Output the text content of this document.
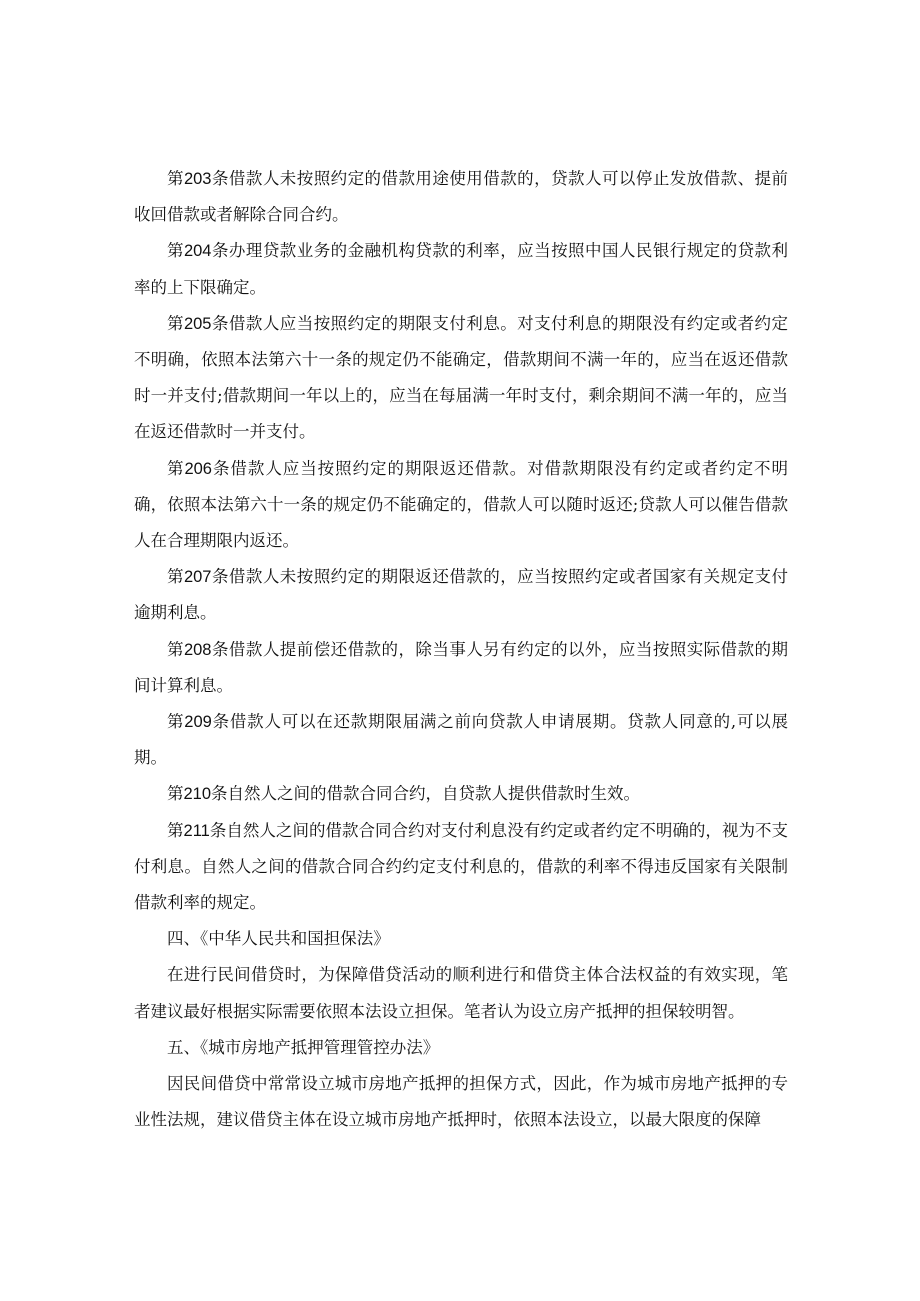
第203条借款人未按照约定的借款用途使用借款的，贷款人可以停止发放借款、提前收回借款或者解除合同合约。

第204条办理贷款业务的金融机构贷款的利率，应当按照中国人民银行规定的贷款利率的上下限确定。

第205条借款人应当按照约定的期限支付利息。对支付利息的期限没有约定或者约定不明确，依照本法第六十一条的规定仍不能确定，借款期间不满一年的，应当在返还借款时一并支付;借款期间一年以上的，应当在每届满一年时支付，剩余期间不满一年的，应当在返还借款时一并支付。

第206条借款人应当按照约定的期限返还借款。对借款期限没有约定或者约定不明确，依照本法第六十一条的规定仍不能确定的，借款人可以随时返还;贷款人可以催告借款人在合理期限内返还。

第207条借款人未按照约定的期限返还借款的，应当按照约定或者国家有关规定支付逾期利息。

第208条借款人提前偿还借款的，除当事人另有约定的以外，应当按照实际借款的期间计算利息。

第209条借款人可以在还款期限届满之前向贷款人申请展期。贷款人同意的,可以展期。

第210条自然人之间的借款合同合约，自贷款人提供借款时生效。

第211条自然人之间的借款合同合约对支付利息没有约定或者约定不明确的，视为不支付利息。自然人之间的借款合同合约约定支付利息的，借款的利率不得违反国家有关限制借款利率的规定。

四、《中华人民共和国担保法》

在进行民间借贷时，为保障借贷活动的顺利进行和借贷主体合法权益的有效实现，笔者建议最好根据实际需要依照本法设立担保。笔者认为设立房产抵押的担保较明智。

五、《城市房地产抵押管理管控办法》

因民间借贷中常常设立城市房地产抵押的担保方式，因此，作为城市房地产抵押的专业性法规，建议借贷主体在设立城市房地产抵押时，依照本法设立，以最大限度的保障
